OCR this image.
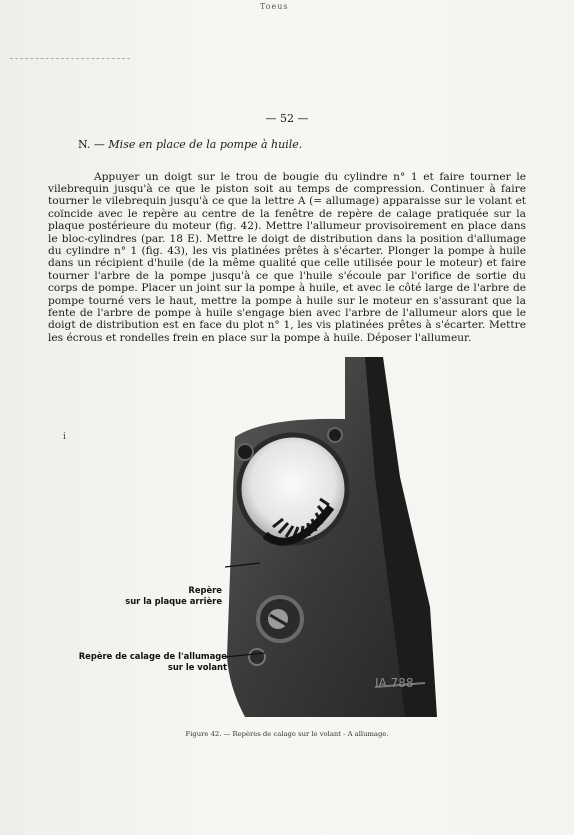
Toeus
— 52 —
N. — Mise en place de la pompe à huile.

Appuyer un doigt sur le trou de bougie du cylindre n° 1 et faire tourner le vilebrequin jusqu'à ce que le piston soit au temps de compression. Continuer à faire tourner le vilebrequin jusqu'à ce que la lettre A (= allumage) apparaisse sur le volant et coïncide avec le repère au centre de la fenêtre de repère de calage pratiquée sur la plaque postérieure du moteur (fig. 42). Mettre l'allumeur provisoirement en place dans le bloc-cylindres (par. 18 E). Mettre le doigt de distribution dans la position d'allumage du cylindre n° 1 (fig. 43), les vis platinées prêtes à s'écarter. Plonger la pompe à huile dans un récipient d'huile (de la même qualité que celle utilisée pour le moteur) et faire tourner l'arbre de la pompe jusqu'à ce que l'huile s'écoule par l'orifice de sortie du corps de pompe. Placer un joint sur la pompe à huile, et avec le côté large de l'arbre de pompe tourné vers le haut, mettre la pompe à huile sur le moteur en s'assurant que la fente de l'arbre de pompe à huile s'engage bien avec l'arbre de l'allumeur alors que le doigt de distribution est en face du plot n° 1, les vis platinées prêtes à s'écarter. Mettre les écrous et rondelles frein en place sur la pompe à huile. Déposer l'allumeur.

i
IA 788
Repère
sur la plaque arrière
Repère de calage de l'allumage
sur le volant
Figure 42. — Repères de calage sur le volant - A allumage.
